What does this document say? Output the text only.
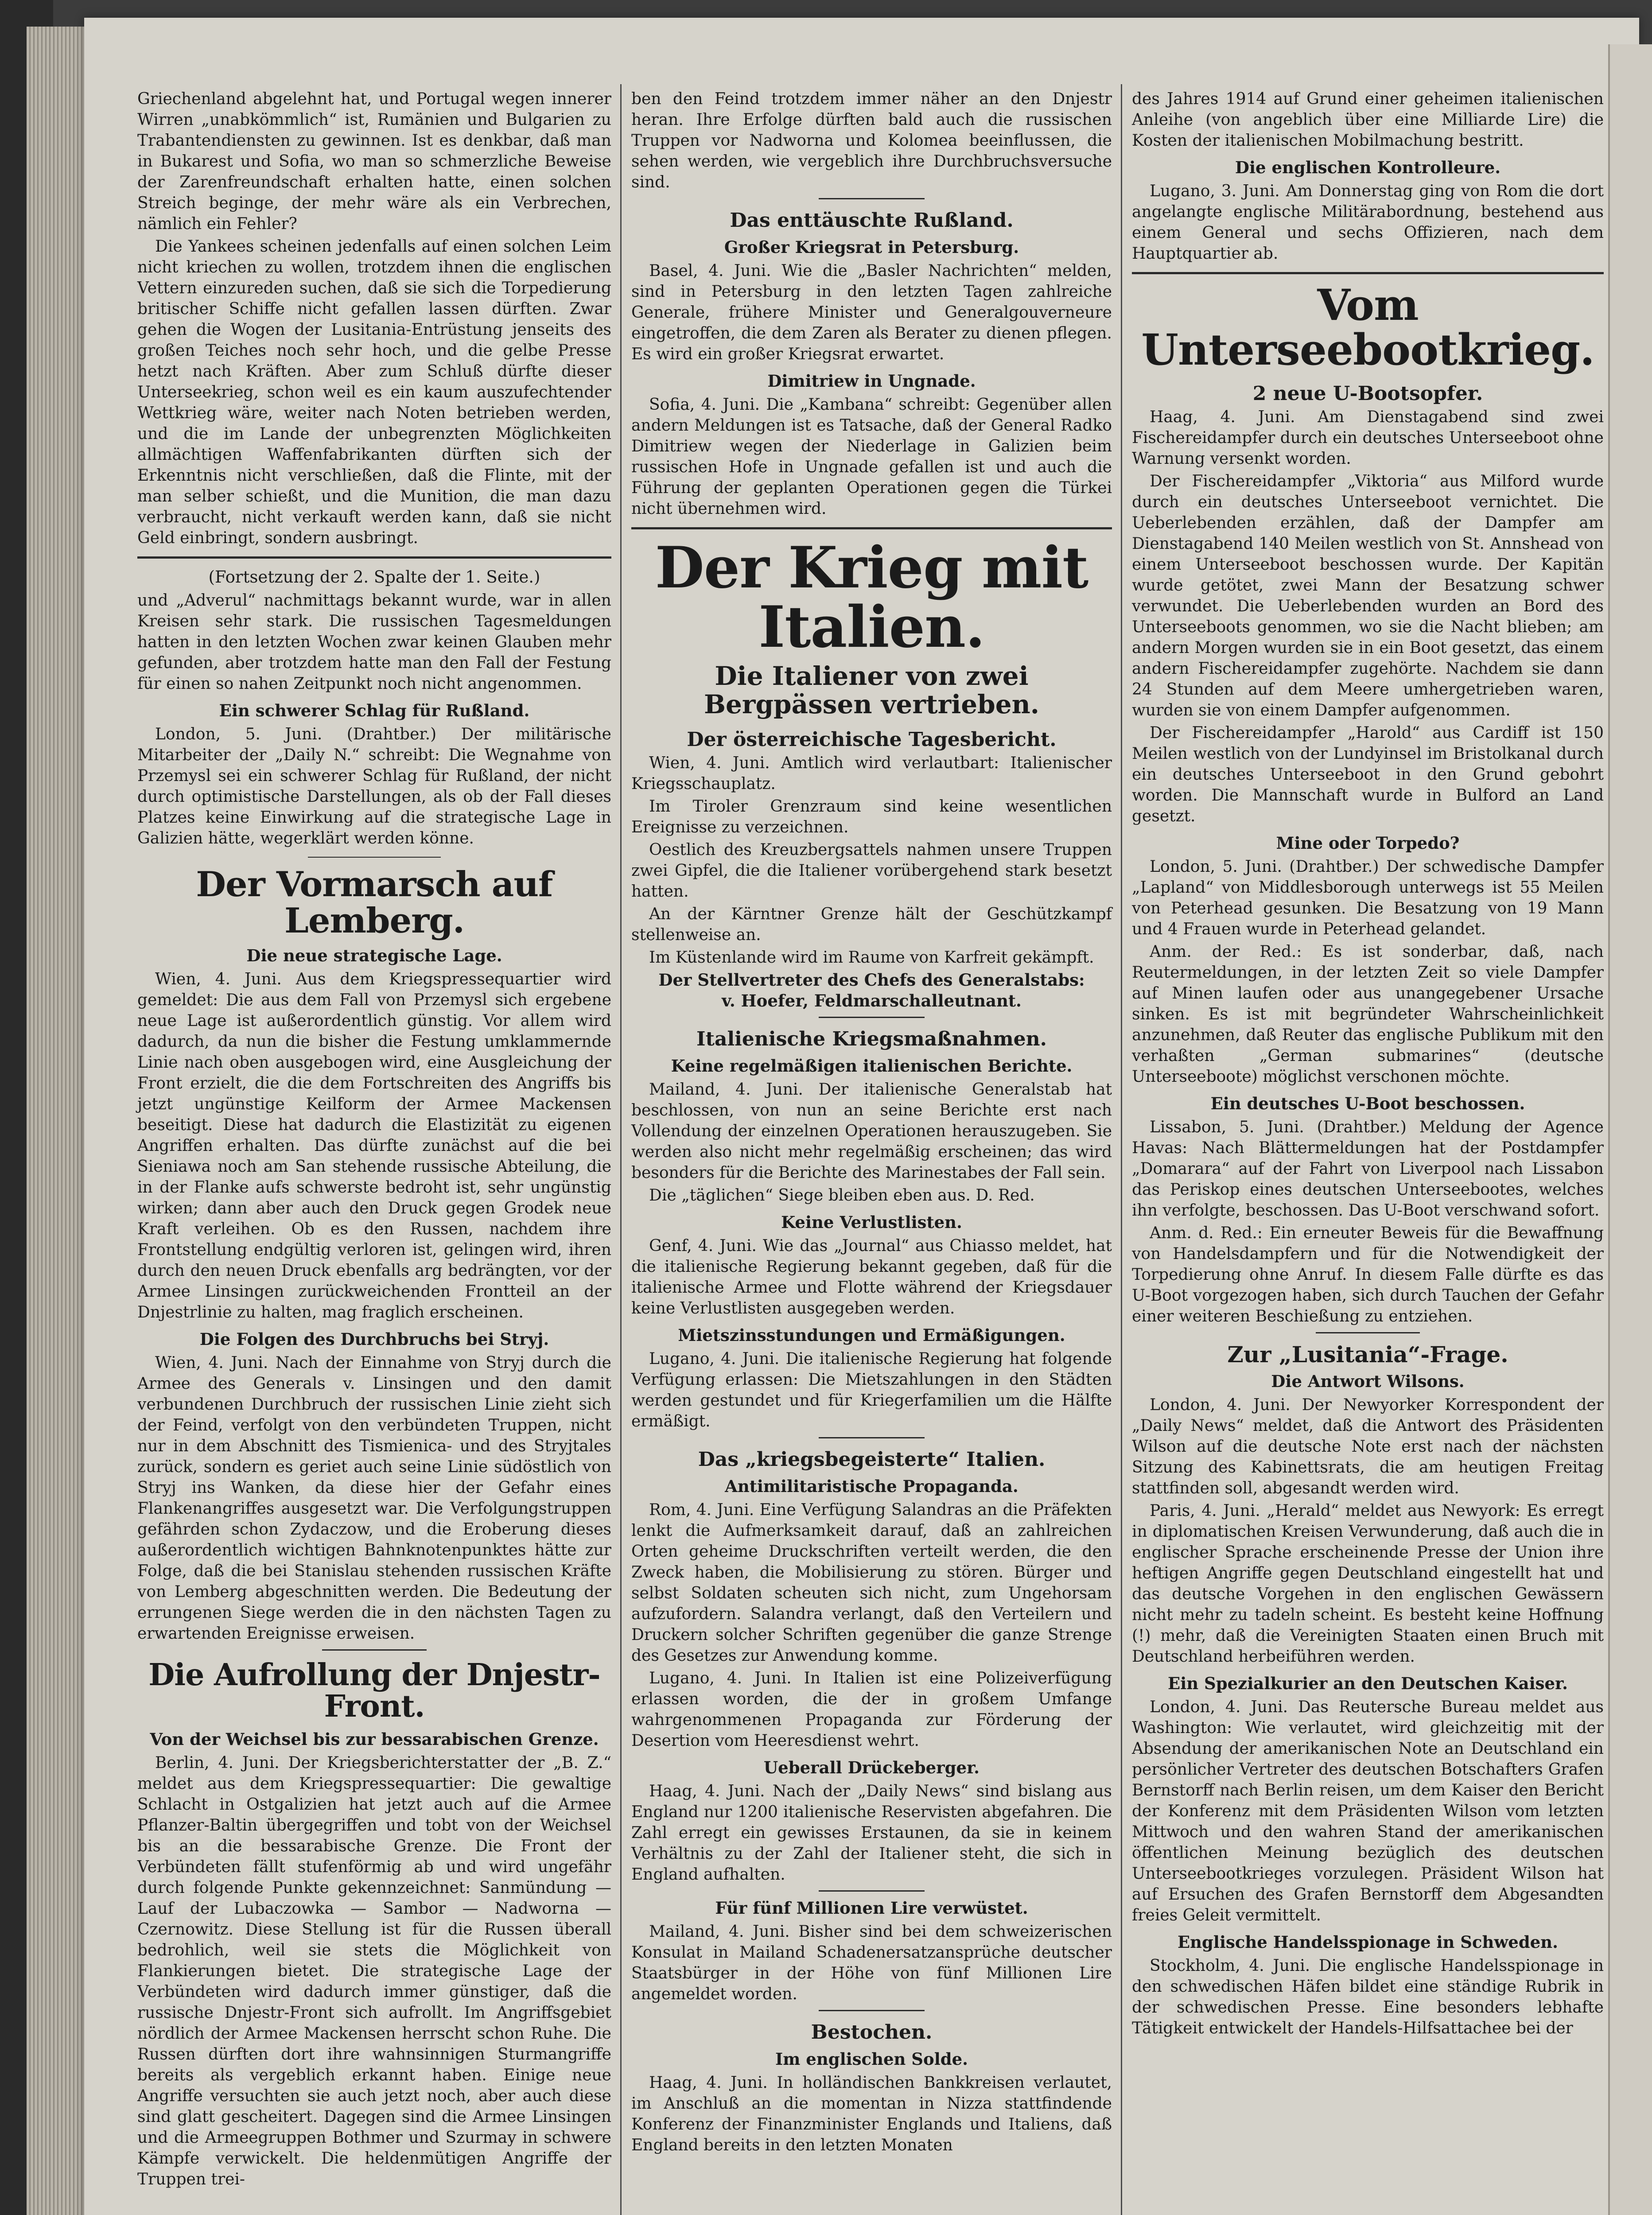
Griechenland abgelehnt hat, und Portugal wegen innerer Wirren „unabkömmlich“ ist, Rumänien und Bulgarien zu Trabantendiensten zu gewinnen. Ist es denkbar, daß man in Bukarest und Sofia, wo man so schmerzliche Beweise der Zarenfreundschaft erhalten hatte, einen solchen Streich beginge, der mehr wäre als ein Verbrechen, nämlich ein Fehler?

Die Yankees scheinen jedenfalls auf einen solchen Leim nicht kriechen zu wollen, trotzdem ihnen die englischen Vettern einzureden suchen, daß sie sich die Torpedierung britischer Schiffe nicht gefallen lassen dürften. Zwar gehen die Wogen der Lusitania-Entrüstung jenseits des großen Teiches noch sehr hoch, und die gelbe Presse hetzt nach Kräften. Aber zum Schluß dürfte dieser Unterseekrieg, schon weil es ein kaum auszufechtender Wettkrieg wäre, weiter nach Noten betrieben werden, und die im Lande der unbegrenzten Möglichkeiten allmächtigen Waffenfabrikanten dürften sich der Erkenntnis nicht verschließen, daß die Flinte, mit der man selber schießt, und die Munition, die man dazu verbraucht, nicht verkauft werden kann, daß sie nicht Geld einbringt, sondern ausbringt.

(Fortsetzung der 2. Spalte der 1. Seite.)

und „Adverul“ nachmittags bekannt wurde, war in allen Kreisen sehr stark. Die russischen Tagesmeldungen hatten in den letzten Wochen zwar keinen Glauben mehr gefunden, aber trotzdem hatte man den Fall der Festung für einen so nahen Zeitpunkt noch nicht angenommen.

Ein schwerer Schlag für Rußland.

London, 5. Juni. (Drahtber.) Der militärische Mitarbeiter der „Daily N.“ schreibt: Die Wegnahme von Przemysl sei ein schwerer Schlag für Rußland, der nicht durch optimistische Darstellungen, als ob der Fall dieses Platzes keine Einwirkung auf die strategische Lage in Galizien hätte, wegerklärt werden könne.

Der Vormarsch auf Lemberg.

Die neue strategische Lage.

Wien, 4. Juni. Aus dem Kriegspressequartier wird gemeldet: Die aus dem Fall von Przemysl sich ergebene neue Lage ist außerordentlich günstig. Vor allem wird dadurch, da nun die bisher die Festung umklammernde Linie nach oben ausgebogen wird, eine Ausgleichung der Front erzielt, die die dem Fortschreiten des Angriffs bis jetzt ungünstige Keilform der Armee Mackensen beseitigt. Diese hat dadurch die Elastizität zu eigenen Angriffen erhalten. Das dürfte zunächst auf die bei Sieniawa noch am San stehende russische Abteilung, die in der Flanke aufs schwerste bedroht ist, sehr ungünstig wirken; dann aber auch den Druck gegen Grodek neue Kraft verleihen. Ob es den Russen, nachdem ihre Frontstellung endgültig verloren ist, gelingen wird, ihren durch den neuen Druck ebenfalls arg bedrängten, vor der Armee Linsingen zurückweichenden Frontteil an der Dnjestrlinie zu halten, mag fraglich erscheinen.

Die Folgen des Durchbruchs bei Stryj.

Wien, 4. Juni. Nach der Einnahme von Stryj durch die Armee des Generals v. Linsingen und den damit verbundenen Durchbruch der russischen Linie zieht sich der Feind, verfolgt von den verbündeten Truppen, nicht nur in dem Abschnitt des Tismienica- und des Stryjtales zurück, sondern es geriet auch seine Linie südöstlich von Stryj ins Wanken, da diese hier der Gefahr eines Flankenangriffes ausgesetzt war. Die Verfolgungstruppen gefährden schon Zydaczow, und die Eroberung dieses außerordentlich wichtigen Bahnknotenpunktes hätte zur Folge, daß die bei Stanislau stehenden russischen Kräfte von Lemberg abgeschnitten werden. Die Bedeutung der errungenen Siege werden die in den nächsten Tagen zu erwartenden Ereignisse erweisen.

Die Aufrollung der Dnjestr-Front.

Von der Weichsel bis zur bessarabischen Grenze.

Berlin, 4. Juni. Der Kriegsberichterstatter der „B. Z.“ meldet aus dem Kriegspressequartier: Die gewaltige Schlacht in Ostgalizien hat jetzt auch auf die Armee Pflanzer-Baltin übergegriffen und tobt von der Weichsel bis an die bessarabische Grenze. Die Front der Verbündeten fällt stufenförmig ab und wird ungefähr durch folgende Punkte gekennzeichnet: Sanmündung — Lauf der Lubaczowka — Sambor — Nadworna — Czernowitz. Diese Stellung ist für die Russen überall bedrohlich, weil sie stets die Möglichkeit von Flankierungen bietet. Die strategische Lage der Verbündeten wird dadurch immer günstiger, daß die russische Dnjestr-Front sich aufrollt. Im Angriffsgebiet nördlich der Armee Mackensen herrscht schon Ruhe. Die Russen dürften dort ihre wahnsinnigen Sturmangriffe bereits als vergeblich erkannt haben. Einige neue Angriffe versuchten sie auch jetzt noch, aber auch diese sind glatt gescheitert. Dagegen sind die Armee Linsingen und die Armeegruppen Bothmer und Szurmay in schwere Kämpfe verwickelt. Die heldenmütigen Angriffe der Truppen trei-

ben den Feind trotzdem immer näher an den Dnjestr heran. Ihre Erfolge dürften bald auch die russischen Truppen vor Nadworna und Kolomea beeinflussen, die sehen werden, wie vergeblich ihre Durchbruchsversuche sind.

Das enttäuschte Rußland.

Großer Kriegsrat in Petersburg.

Basel, 4. Juni. Wie die „Basler Nachrichten“ melden, sind in Petersburg in den letzten Tagen zahlreiche Generale, frühere Minister und Generalgouverneure eingetroffen, die dem Zaren als Berater zu dienen pflegen. Es wird ein großer Kriegsrat erwartet.

Dimitriew in Ungnade.

Sofia, 4. Juni. Die „Kambana“ schreibt: Gegenüber allen andern Meldungen ist es Tatsache, daß der General Radko Dimitriew wegen der Niederlage in Galizien beim russischen Hofe in Ungnade gefallen ist und auch die Führung der geplanten Operationen gegen die Türkei nicht übernehmen wird.

Der Krieg mit Italien.
Die Italiener von zwei Bergpässen vertrieben.

Der österreichische Tagesbericht.

Wien, 4. Juni. Amtlich wird verlautbart: Italienischer Kriegsschauplatz.

Im Tiroler Grenzraum sind keine wesentlichen Ereignisse zu verzeichnen.

Oestlich des Kreuzbergsattels nahmen unsere Truppen zwei Gipfel, die die Italiener vorübergehend stark besetzt hatten.

An der Kärntner Grenze hält der Geschützkampf stellenweise an.

Im Küstenlande wird im Raume von Karfreit gekämpft.

Der Stellvertreter des Chefs des Generalstabs:

v. Hoefer, Feldmarschalleutnant.

Italienische Kriegsmaßnahmen.

Keine regelmäßigen italienischen Berichte.

Mailand, 4. Juni. Der italienische Generalstab hat beschlossen, von nun an seine Berichte erst nach Vollendung der einzelnen Operationen herauszugeben. Sie werden also nicht mehr regelmäßig erscheinen; das wird besonders für die Berichte des Marinestabes der Fall sein.

Die „täglichen“ Siege bleiben eben aus. D. Red.

Keine Verlustlisten.

Genf, 4. Juni. Wie das „Journal“ aus Chiasso meldet, hat die italienische Regierung bekannt gegeben, daß für die italienische Armee und Flotte während der Kriegsdauer keine Verlustlisten ausgegeben werden.

Mietszinsstundungen und Ermäßigungen.

Lugano, 4. Juni. Die italienische Regierung hat folgende Verfügung erlassen: Die Mietszahlungen in den Städten werden gestundet und für Kriegerfamilien um die Hälfte ermäßigt.

Das „kriegsbegeisterte“ Italien.

Antimilitaristische Propaganda.

Rom, 4. Juni. Eine Verfügung Salandras an die Präfekten lenkt die Aufmerksamkeit darauf, daß an zahlreichen Orten geheime Druckschriften verteilt werden, die den Zweck haben, die Mobilisierung zu stören. Bürger und selbst Soldaten scheuten sich nicht, zum Ungehorsam aufzufordern. Salandra verlangt, daß den Verteilern und Druckern solcher Schriften gegenüber die ganze Strenge des Gesetzes zur Anwendung komme.

Lugano, 4. Juni. In Italien ist eine Polizeiverfügung erlassen worden, die der in großem Umfange wahrgenommenen Propaganda zur Förderung der Desertion vom Heeresdienst wehrt.

Ueberall Drückeberger.

Haag, 4. Juni. Nach der „Daily News“ sind bislang aus England nur 1200 italienische Reservisten abgefahren. Die Zahl erregt ein gewisses Erstaunen, da sie in keinem Verhältnis zu der Zahl der Italiener steht, die sich in England aufhalten.

Für fünf Millionen Lire verwüstet.

Mailand, 4. Juni. Bisher sind bei dem schweizerischen Konsulat in Mailand Schadenersatzansprüche deutscher Staatsbürger in der Höhe von fünf Millionen Lire angemeldet worden.

Bestochen.

Im englischen Solde.

Haag, 4. Juni. In holländischen Bankkreisen verlautet, im Anschluß an die momentan in Nizza stattfindende Konferenz der Finanzminister Englands und Italiens, daß England bereits in den letzten Monaten

des Jahres 1914 auf Grund einer geheimen italienischen Anleihe (von angeblich über eine Milliarde Lire) die Kosten der italienischen Mobilmachung bestritt.

Die englischen Kontrolleure.

Lugano, 3. Juni. Am Donnerstag ging von Rom die dort angelangte englische Militärabordnung, bestehend aus einem General und sechs Offizieren, nach dem Hauptquartier ab.

Vom Unterseebootkrieg.

2 neue U-Bootsopfer.

Haag, 4. Juni. Am Dienstagabend sind zwei Fischereidampfer durch ein deutsches Unterseeboot ohne Warnung versenkt worden.

Der Fischereidampfer „Viktoria“ aus Milford wurde durch ein deutsches Unterseeboot vernichtet. Die Ueberlebenden erzählen, daß der Dampfer am Dienstagabend 140 Meilen westlich von St. Annshead von einem Unterseeboot beschossen wurde. Der Kapitän wurde getötet, zwei Mann der Besatzung schwer verwundet. Die Ueberlebenden wurden an Bord des Unterseeboots genommen, wo sie die Nacht blieben; am andern Morgen wurden sie in ein Boot gesetzt, das einem andern Fischereidampfer zugehörte. Nachdem sie dann 24 Stunden auf dem Meere umhergetrieben waren, wurden sie von einem Dampfer aufgenommen.

Der Fischereidampfer „Harold“ aus Cardiff ist 150 Meilen westlich von der Lundyinsel im Bristolkanal durch ein deutsches Unterseeboot in den Grund gebohrt worden. Die Mannschaft wurde in Bulford an Land gesetzt.

Mine oder Torpedo?

London, 5. Juni. (Drahtber.) Der schwedische Dampfer „Lapland“ von Middlesborough unterwegs ist 55 Meilen von Peterhead gesunken. Die Besatzung von 19 Mann und 4 Frauen wurde in Peterhead gelandet.

Anm. der Red.: Es ist sonderbar, daß, nach Reutermeldungen, in der letzten Zeit so viele Dampfer auf Minen laufen oder aus unangegebener Ursache sinken. Es ist mit begründeter Wahrscheinlichkeit anzunehmen, daß Reuter das englische Publikum mit den verhaßten „German submarines“ (deutsche Unterseeboote) möglichst verschonen möchte.

Ein deutsches U-Boot beschossen.

Lissabon, 5. Juni. (Drahtber.) Meldung der Agence Havas: Nach Blättermeldungen hat der Postdampfer „Domarara“ auf der Fahrt von Liverpool nach Lissabon das Periskop eines deutschen Unterseebootes, welches ihn verfolgte, beschossen. Das U-Boot verschwand sofort.

Anm. d. Red.: Ein erneuter Beweis für die Bewaffnung von Handelsdampfern und für die Notwendigkeit der Torpedierung ohne Anruf. In diesem Falle dürfte es das U-Boot vorgezogen haben, sich durch Tauchen der Gefahr einer weiteren Beschießung zu entziehen.

Zur „Lusitania“-Frage.

Die Antwort Wilsons.

London, 4. Juni. Der Newyorker Korrespondent der „Daily News“ meldet, daß die Antwort des Präsidenten Wilson auf die deutsche Note erst nach der nächsten Sitzung des Kabinettsrats, die am heutigen Freitag stattfinden soll, abgesandt werden wird.

Paris, 4. Juni. „Herald“ meldet aus Newyork: Es erregt in diplomatischen Kreisen Verwunderung, daß auch die in englischer Sprache erscheinende Presse der Union ihre heftigen Angriffe gegen Deutschland eingestellt hat und das deutsche Vorgehen in den englischen Gewässern nicht mehr zu tadeln scheint. Es besteht keine Hoffnung (!) mehr, daß die Vereinigten Staaten einen Bruch mit Deutschland herbeiführen werden.

Ein Spezialkurier an den Deutschen Kaiser.

London, 4. Juni. Das Reutersche Bureau meldet aus Washington: Wie verlautet, wird gleichzeitig mit der Absendung der amerikanischen Note an Deutschland ein persönlicher Vertreter des deutschen Botschafters Grafen Bernstorff nach Berlin reisen, um dem Kaiser den Bericht der Konferenz mit dem Präsidenten Wilson vom letzten Mittwoch und den wahren Stand der amerikanischen öffentlichen Meinung bezüglich des deutschen Unterseebootkrieges vorzulegen. Präsident Wilson hat auf Ersuchen des Grafen Bernstorff dem Abgesandten freies Geleit vermittelt.

Englische Handelsspionage in Schweden.

Stockholm, 4. Juni. Die englische Handelsspionage in den schwedischen Häfen bildet eine ständige Rubrik in der schwedischen Presse. Eine besonders lebhafte Tätigkeit entwickelt der Handels-Hilfsattachee bei der
